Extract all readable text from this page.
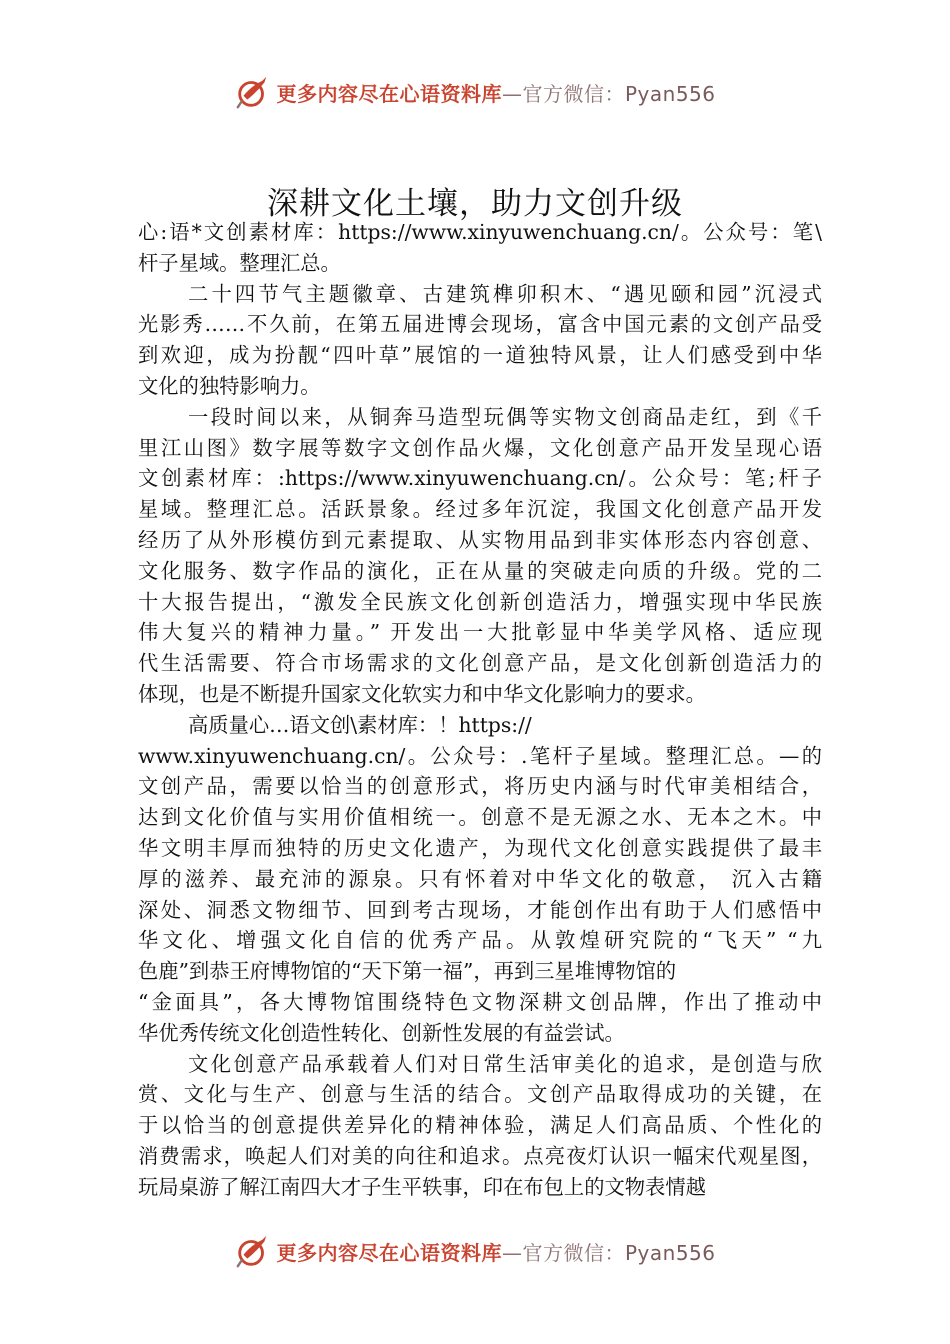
更多内容尽在心语资料库—官方微信：Pyan556
深耕文化土壤，助力文创升级
心:语*文创素材库：https://www.xinyuwenchuang.cn/。公众号：笔\
杆子星域。整理汇总。
二十四节气主题徽章、古建筑榫卯积木、“遇见颐和园”沉浸式
光影秀……不久前，在第五届进博会现场，富含中国元素的文创产品受
到欢迎，成为扮靓“四叶草”展馆的一道独特风景，让人们感受到中华
文化的独特影响力。
一段时间以来，从铜奔马造型玩偶等实物文创商品走红，到《千
里江山图》数字展等数字文创作品火爆，文化创意产品开发呈现心语
文创素材库：:https://www.xinyuwenchuang.cn/。公众号：笔;杆子
星域。整理汇总。活跃景象。经过多年沉淀，我国文化创意产品开发
经历了从外形模仿到元素提取、从实物用品到非实体形态内容创意、
文化服务、数字作品的演化，正在从量的突破走向质的升级。党的二
十大报告提出，“激发全民族文化创新创造活力，增强实现中华民族
伟大复兴的精神力量。” 开发出一大批彰显中华美学风格、适应现
代生活需要、符合市场需求的文化创意产品，是文化创新创造活力的
体现，也是不断提升国家文化软实力和中华文化影响力的要求。
高质量心…语文创\素材库：！https://
www.xinyuwenchuang.cn/。公众号：.笔杆子星域。整理汇总。—的
文创产品，需要以恰当的创意形式，将历史内涵与时代审美相结合，
达到文化价值与实用价值相统一。创意不是无源之水、无本之木。中
华文明丰厚而独特的历史文化遗产，为现代文化创意实践提供了最丰
厚的滋养、最充沛的源泉。只有怀着对中华文化的敬意， 沉入古籍
深处、洞悉文物细节、回到考古现场，才能创作出有助于人们感悟中
华文化、增强文化自信的优秀产品。从敦煌研究院的“飞天” “九
色鹿”到恭王府博物馆的“天下第一福”，再到三星堆博物馆的
“金面具”，各大博物馆围绕特色文物深耕文创品牌，作出了推动中
华优秀传统文化创造性转化、创新性发展的有益尝试。
文化创意产品承载着人们对日常生活审美化的追求，是创造与欣
赏、文化与生产、创意与生活的结合。文创产品取得成功的关键，在
于以恰当的创意提供差异化的精神体验，满足人们高品质、个性化的
消费需求，唤起人们对美的向往和追求。点亮夜灯认识一幅宋代观星图，
玩局桌游了解江南四大才子生平轶事，印在布包上的文物表情越
更多内容尽在心语资料库—官方微信：Pyan556
